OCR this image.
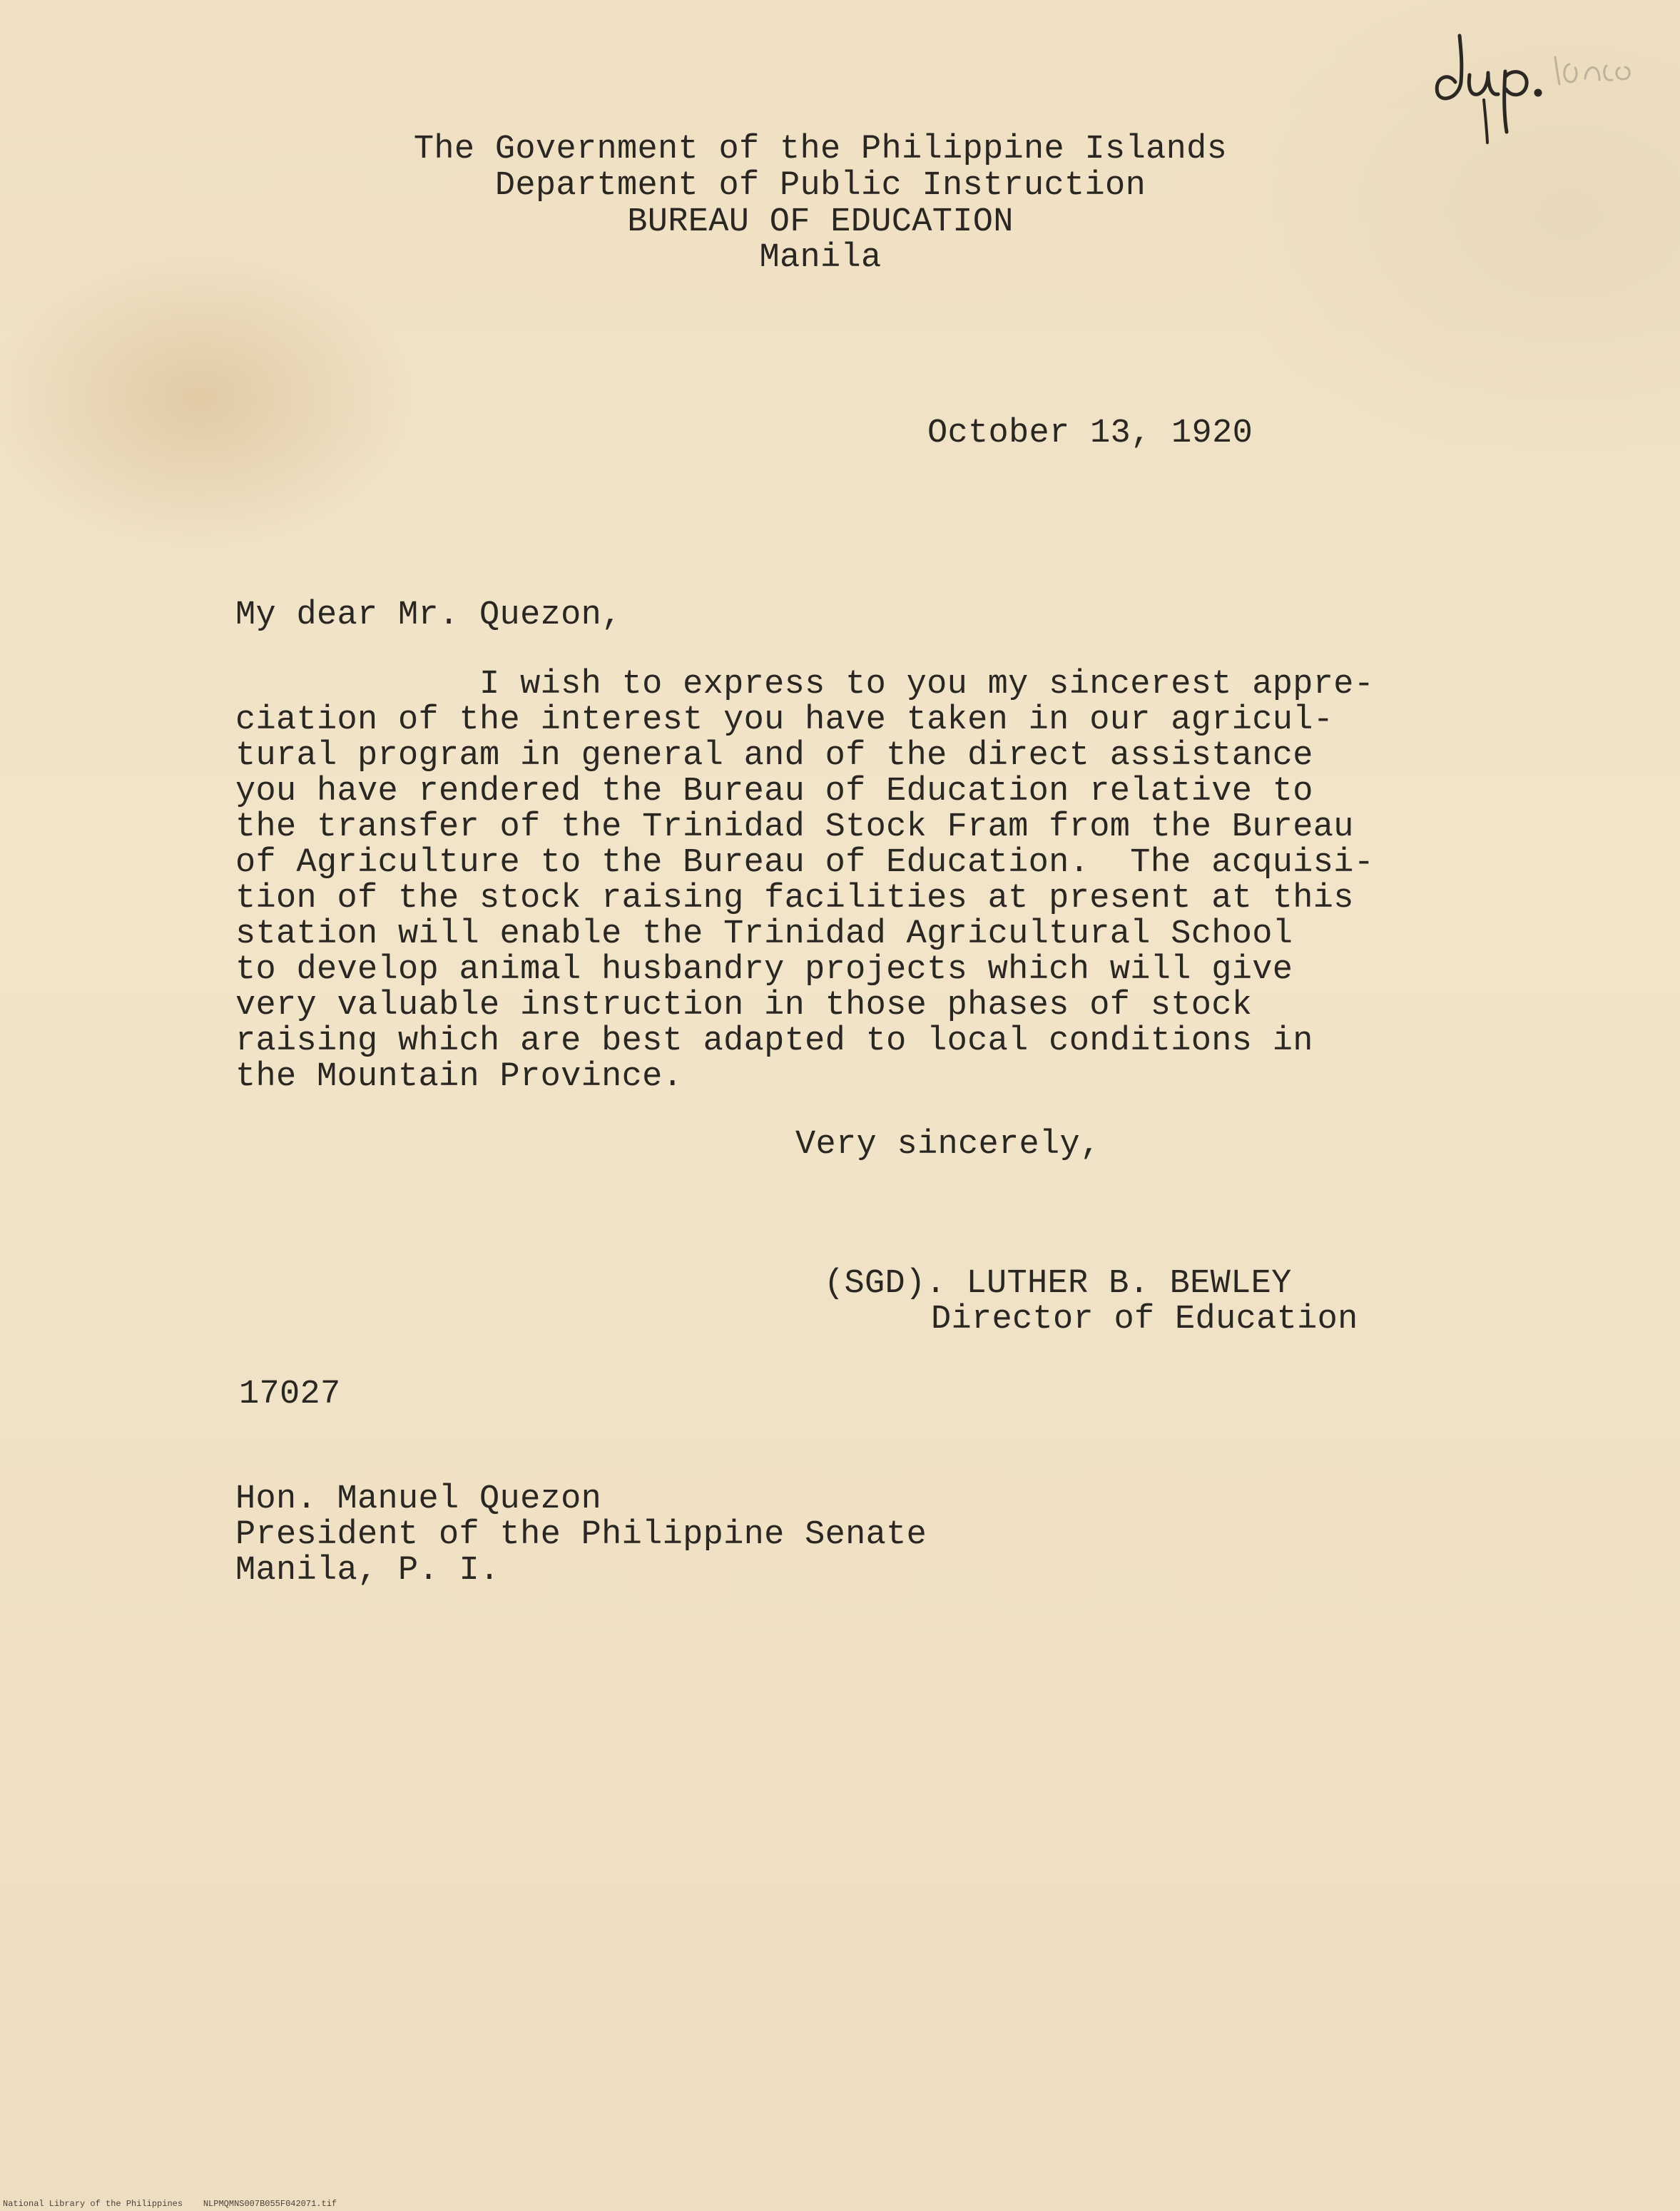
The Government of the Philippine Islands

Department of Public Instruction

BUREAU OF EDUCATION

Manila

October 13, 1920

My dear Mr. Quezon,

I wish to express to you my sincerest appre-

ciation of the interest you have taken in our agricul-

tural program in general and of the direct assistance

you have rendered the Bureau of Education relative to

the transfer of the Trinidad Stock Fram from the Bureau

of Agriculture to the Bureau of Education.  The acquisi-

tion of the stock raising facilities at present at this

station will enable the Trinidad Agricultural School

to develop animal husbandry projects which will give

very valuable instruction in those phases of stock

raising which are best adapted to local conditions in

the Mountain Province.

Very sincerely,

(SGD). LUTHER B. BEWLEY

Director of Education

17027

Hon. Manuel Quezon

President of the Philippine Senate

Manila, P. I.

National Library of the Philippines NLPMQMNS007B055F042071.tif
